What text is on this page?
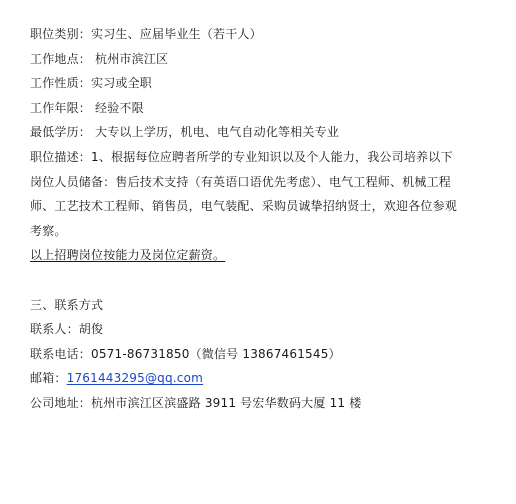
职位类别：实习生、应届毕业生（若干人）
工作地点： 杭州市滨江区
工作性质：实习或全职
工作年限： 经验不限
最低学历： 大专以上学历，机电、电气自动化等相关专业
职位描述：1、根据每位应聘者所学的专业知识以及个人能力，我公司培养以下
岗位人员储备：售后技术支持（有英语口语优先考虑）、电气工程师、机械工程
师、工艺技术工程师、销售员，电气装配、采购员诚挚招纳贤士，欢迎各位参观
考察。
以上招聘岗位按能力及岗位定薪资。
三、联系方式
联系人：胡俊
联系电话：0571-86731850（微信号 13867461545）
邮箱：1761443295@qq.com
公司地址：杭州市滨江区滨盛路 3911 号宏华数码大厦 11 楼
